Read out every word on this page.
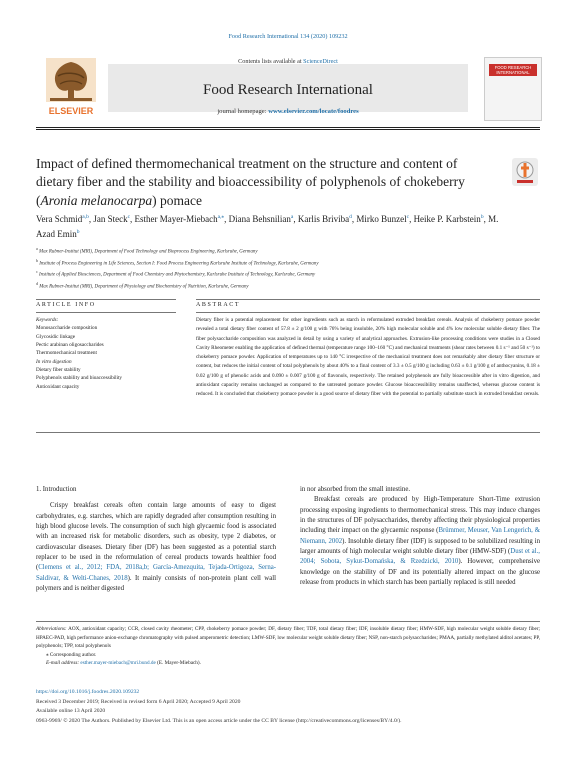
Food Research International 134 (2020) 109232
ELSEVIER
Contents lists available at ScienceDirect
Food Research International
journal homepage: www.elsevier.com/locate/foodres
FOOD RESEARCH INTERNATIONAL
Impact of defined thermomechanical treatment on the structure and content of dietary fiber and the stability and bioaccessibility of polyphenols of chokeberry (Aronia melanocarpa) pomace
Vera Schmid$^{a,b}$, Jan Steck$^c$, Esther Mayer-Miebach$^{a,⁎}$, Diana Behsnilian$^a$, Karlis Briviba$^d$, Mirko Bunzel$^c$, Heike P. Karbstein$^b$, M. Azad Emin$^b$
$^a$ Max Rubner-Institut (MRI), Department of Food Technology and Bioprocess Engineering, Karlsruhe, Germany
$^b$ Institute of Process Engineering in Life Sciences, Section I: Food Process Engineering Karlsruhe Institute of Technology, Karlsruhe, Germany
$^c$ Institute of Applied Biosciences, Department of Food Chemistry and Phytochemistry, Karlsruhe Institute of Technology, Karlsruhe, Germany
$^d$ Max Rubner-Institut (MRI), Department of Physiology and Biochemistry of Nutrition, Karlsruhe, Germany
ARTICLE INFO	ABSTRACT
Keywords:
Monosaccharide composition
Glycosidic linkage
Pectic arabinan oligosaccharides
Thermomechanical treatment
In vitro digestion
Dietary fiber stability
Polyphenols stability and bioaccessibility
Antioxidant capacity
Dietary fiber is a potential replacement for other ingredients such as starch in reformulated extruded breakfast cereals. Analysis of chokeberry pomace powder revealed a total dietary fiber content of 57.8 ± 2 g/100 g with 76% being insoluble, 20% high molecular soluble and 4% low molecular soluble dietary fiber. The fiber polysaccharide composition was analyzed in detail by using a variety of analytical approaches. Extrusion-like processing conditions were studies in a Closed Cavity Rheometer enabling the application of defined thermal (temperature range 100–160 °C) and mechanical treatments (shear rates between 0.1 s⁻¹ and 50 s⁻¹) to chokeberry pomace powder. Application of temperatures up to 140 °C irrespective of the mechanical treatment does not remarkably alter dietary fiber structure or content, but reduces the initial content of total polyphenols by about 40% to a final content of 3.3 ± 0.5 g/100 g including 0.63 ± 0.1 g/100 g of anthocyanins, 0.18 ± 0.02 g/100 g of phenolic acids and 0.090 ± 0.007 g/100 g of flavonols, respectively. The retained polyphenols are fully bioaccessible after in vitro digestion, and antioxidant capacity remains unchanged as compared to the untreated pomace powder. Glucose bioaccessibility remains unaffected, whereas glucose content is reduced. It is concluded that chokeberry pomace powder is a good source of dietary fiber with the potential to partially substitute starch in extruded breakfast cereals.
1. Introduction
Crispy breakfast cereals often contain large amounts of easy to digest carbohydrates, e.g. starches, which are rapidly degraded after consumption resulting in high blood glucose levels. The consumption of such high glycaemic food is associated with an increased risk for metabolic disorders, such as obesity, type 2 diabetes, or cardiovascular diseases. Dietary fiber (DF) has been suggested as a potential starch replacer to be used in the reformulation of cereal products towards healthier food (Clemens et al., 2012; FDA, 2018a,b; García-Amezquita, Tejada-Ortigoza, Serna-Saldivar, & Welti-Chanes, 2018). It mainly consists of non-protein plant cell wall polymers and is neither digested
in nor absorbed from the small intestine.
Breakfast cereals are produced by High-Temperature Short-Time extrusion processing exposing ingredients to thermomechanical stress. This may induce changes in the structures of DF polysaccharides, thereby affecting their physiological properties including their impact on the glycaemic response (Brümmer, Meuser, Van Lengerich, & Niemann, 2002). Insoluble dietary fiber (IDF) is supposed to be solubilized resulting in larger amounts of high molecular weight soluble dietary fiber (HMW-SDF) (Dust et al., 2004; Sobota, Sykut-Domańska, & Rzedzicki, 2010). However, comprehensive knowledge on the stability of DF and its potentially altered impact on the glucose release from products in which starch has been partially replaced is still needed
Abbreviations: AOX, antioxidant capacity; CCR, closed cavity rheometer; CPP, chokeberry pomace powder; DF, dietary fiber; TDF, total dietary fiber; IDF, insoluble dietary fiber; HMW-SDF, high molecular weight soluble dietary fiber; HPAEC-PAD, high performance anion-exchange chromatography with pulsed amperometric detection; LMW-SDF, low molecular weight soluble dietary fiber; NSP, non-starch polysaccharides; PMAA, partially methylated alditol acetates; PP, polyphenols; TPP, total polyphenols
⁎ Corresponding author.
E-mail address: esther.mayer-miebach@mri.bund.de (E. Mayer-Miebach).
https://doi.org/10.1016/j.foodres.2020.109232
Received 3 December 2019; Received in revised form 6 April 2020; Accepted 9 April 2020
Available online 13 April 2020
0963-9969/ © 2020 The Authors. Published by Elsevier Ltd. This is an open access article under the CC BY license (http://creativecommons.org/licenses/BY/4.0/).
